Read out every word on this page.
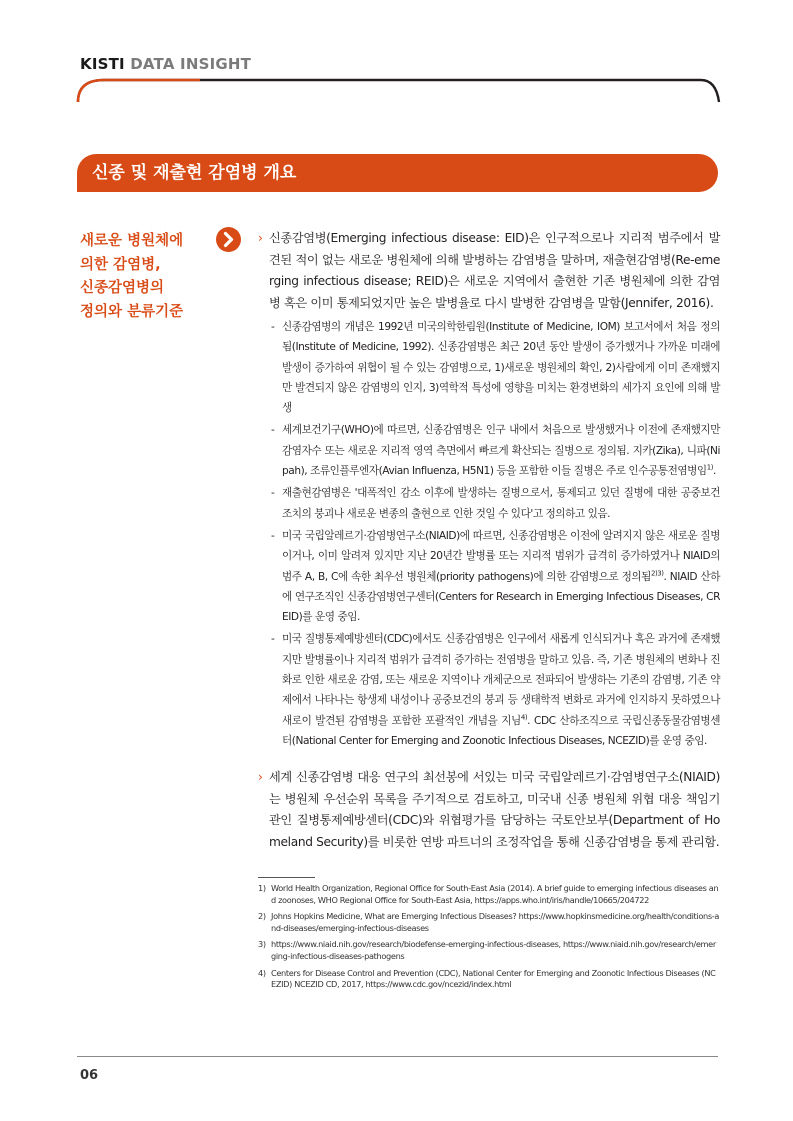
KISTI DATA INSIGHT
신종 및 재출현 감염병 개요
새로운 병원체에
의한 감염병,
신종감염병의
정의와 분류기준
› 신종감염병(Emerging infectious disease: EID)은 인구적으로나 지리적 범주에서 발견된 적이 없는 새로운 병원체에 의해 발병하는 감염병을 말하며, 재출현감염병(Re-emerging infectious disease; REID)은 새로운 지역에서 출현한 기존 병원체에 의한 감염병 혹은 이미 통제되었지만 높은 발병율로 다시 발병한 감염병을 말함(Jennifer, 2016).
- 신종감염병의 개념은 1992년 미국의학한림원(Institute of Medicine, IOM) 보고서에서 처음 정의됨(Institute of Medicine, 1992). 신종감염병은 최근 20년 동안 발생이 증가했거나 가까운 미래에 발생이 증가하여 위협이 될 수 있는 감염병으로, 1)새로운 병원체의 확인, 2)사람에게 이미 존재했지만 발견되지 않은 감염병의 인지, 3)역학적 특성에 영향을 미치는 환경변화의 세가지 요인에 의해 발생
- 세계보건기구(WHO)에 따르면, 신종감염병은 인구 내에서 처음으로 발생했거나 이전에 존재했지만 감염자수 또는 새로운 지리적 영역 측면에서 빠르게 확산되는 질병으로 정의됨. 지카(Zika), 니파(Nipah), 조류인플루엔자(Avian Influenza, H5N1) 등을 포함한 이들 질병은 주로 인수공통전염병임$^{1)}$.
- 재출현감염병은 '대폭적인 감소 이후에 발생하는 질병으로서, 통제되고 있던 질병에 대한 공중보건 조치의 붕괴나 새로운 변종의 출현으로 인한 것일 수 있다'고 정의하고 있음.
- 미국 국립알레르기·감염병연구소(NIAID)에 따르면, 신종감염병은 이전에 알려지지 않은 새로운 질병이거나, 이미 알려져 있지만 지난 20년간 발병률 또는 지리적 범위가 급격히 증가하였거나 NIAID의 범주 A, B, C에 속한 최우선 병원체(priority pathogens)에 의한 감염병으로 정의됨$^{2)3)}$. NIAID 산하에 연구조직인 신종감염병연구센터(Centers for Research in Emerging Infectious Diseases, CREID)를 운영 중임.
- 미국 질병통제예방센터(CDC)에서도 신종감염병은 인구에서 새롭게 인식되거나 혹은 과거에 존재했지만 발병률이나 지리적 범위가 급격히 증가하는 전염병을 말하고 있음. 즉, 기존 병원체의 변화나 진화로 인한 새로운 감염, 또는 새로운 지역이나 개체군으로 전파되어 발생하는 기존의 감염병, 기존 약제에서 나타나는 항생제 내성이나 공중보건의 붕괴 등 생태학적 변화로 과거에 인지하지 못하였으나 새로이 발견된 감염병을 포함한 포괄적인 개념을 지님$^{4)}$. CDC 산하조직으로 국립신종동물감염병센터(National Center for Emerging and Zoonotic Infectious Diseases, NCEZID)를 운영 중임.
› 세계 신종감염병 대응 연구의 최선봉에 서있는 미국 국립알레르기·감염병연구소(NIAID)는 병원체 우선순위 목록을 주기적으로 검토하고, 미국내 신종 병원체 위협 대응 책임기관인 질병통제예방센터(CDC)와 위협평가를 담당하는 국토안보부(Department of Homeland Security)를 비롯한 연방 파트너의 조정작업을 통해 신종감염병을 통제 관리함.
1) World Health Organization, Regional Office for South-East Asia (2014). A brief guide to emerging infectious diseases and zoonoses, WHO Regional Office for South-East Asia, https://apps.who.int/iris/handle/10665/204722
2) Johns Hopkins Medicine, What are Emerging Infectious Diseases? https://www.hopkinsmedicine.org/health/conditions-and-diseases/emerging-infectious-diseases
3) https://www.niaid.nih.gov/research/biodefense-emerging-infectious-diseases, https://www.niaid.nih.gov/research/emerging-infectious-diseases-pathogens
4) Centers for Disease Control and Prevention (CDC), National Center for Emerging and Zoonotic Infectious Diseases (NCEZID) NCEZID CD, 2017, https://www.cdc.gov/ncezid/index.html
06
